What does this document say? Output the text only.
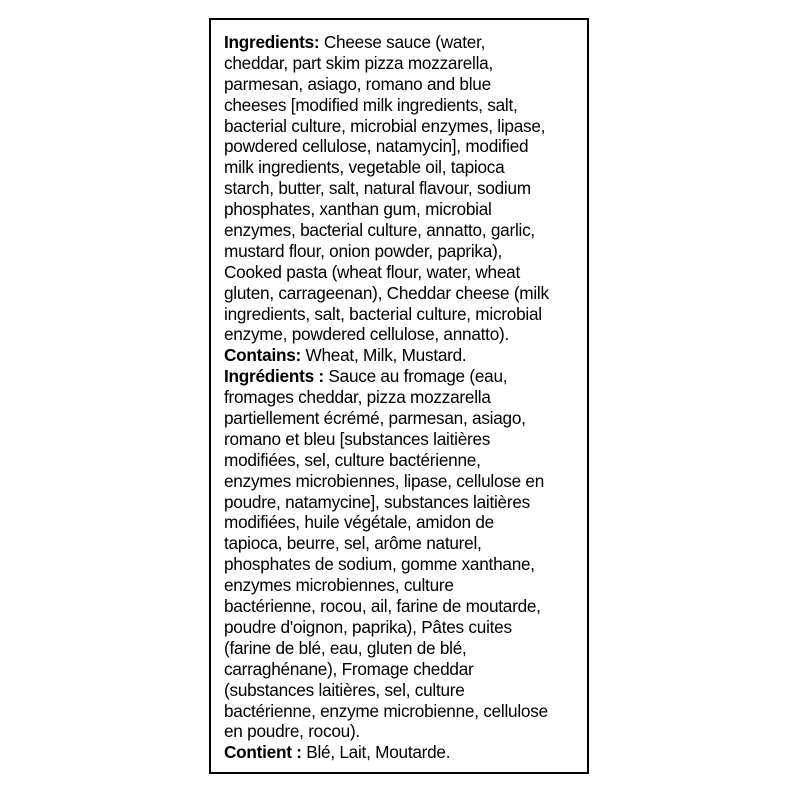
Ingredients: Cheese sauce (water,
cheddar, part skim pizza mozzarella,
parmesan, asiago, romano and blue
cheeses [modified milk ingredients, salt,
bacterial culture, microbial enzymes, lipase,
powdered cellulose, natamycin], modified
milk ingredients, vegetable oil, tapioca
starch, butter, salt, natural flavour, sodium
phosphates, xanthan gum, microbial
enzymes, bacterial culture, annatto, garlic,
mustard flour, onion powder, paprika),
Cooked pasta (wheat flour, water, wheat
gluten, carrageenan), Cheddar cheese (milk
ingredients, salt, bacterial culture, microbial
enzyme, powdered cellulose, annatto).
Contains: Wheat, Milk, Mustard.
Ingrédients : Sauce au fromage (eau,
fromages cheddar, pizza mozzarella
partiellement écrémé, parmesan, asiago,
romano et bleu [substances laitières
modifiées, sel, culture bactérienne,
enzymes microbiennes, lipase, cellulose en
poudre, natamycine], substances laitières
modifiées, huile végétale, amidon de
tapioca, beurre, sel, arôme naturel,
phosphates de sodium, gomme xanthane,
enzymes microbiennes, culture
bactérienne, rocou, ail, farine de moutarde,
poudre d'oignon, paprika), Pâtes cuites
(farine de blé, eau, gluten de blé,
carraghénane), Fromage cheddar
(substances laitières, sel, culture
bactérienne, enzyme microbienne, cellulose
en poudre, rocou).
Contient : Blé, Lait, Moutarde.
